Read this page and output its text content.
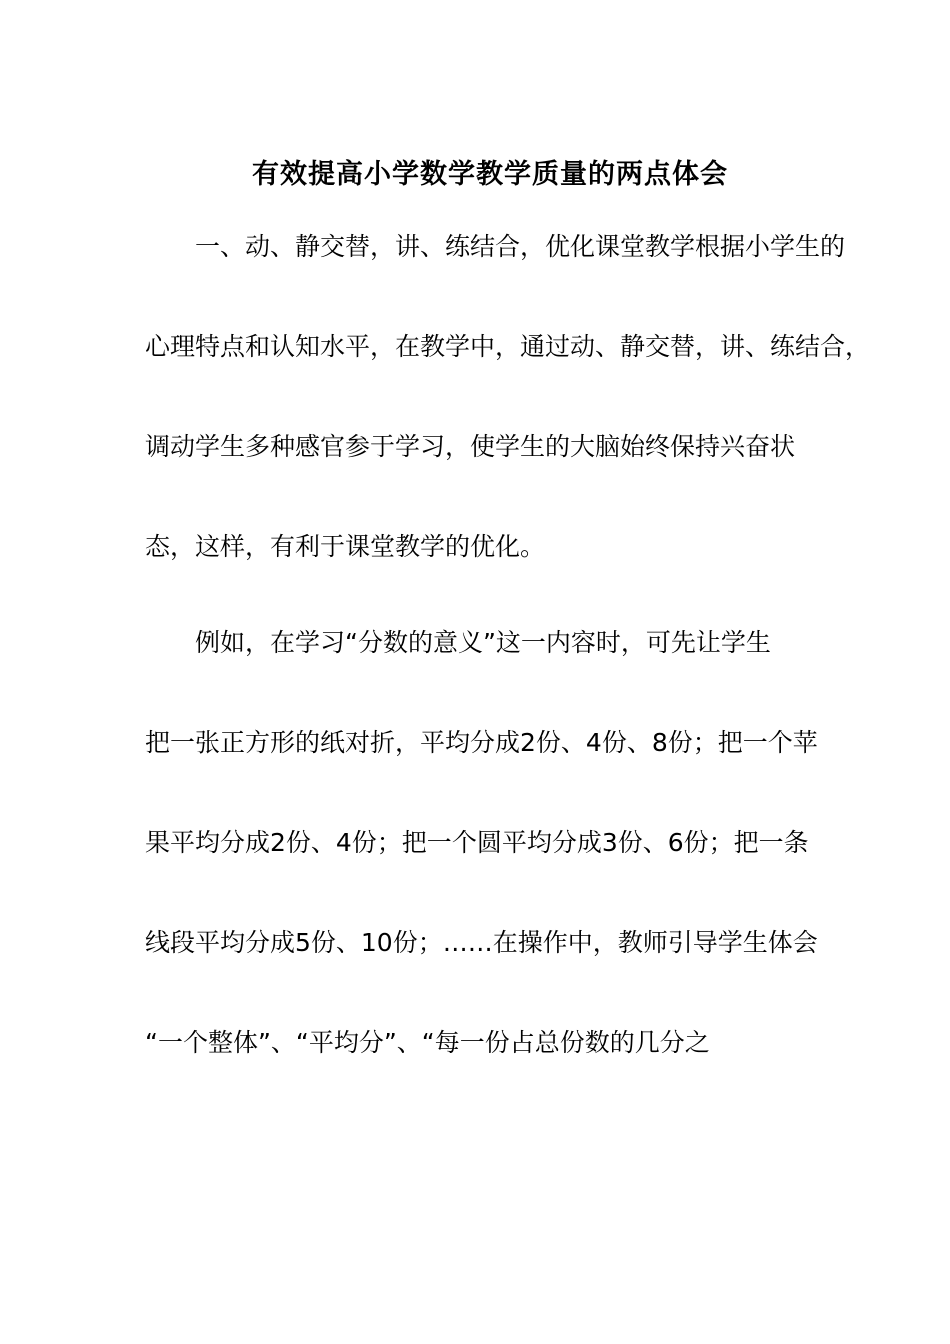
有效提高小学数学教学质量的两点体会
一、动、静交替，讲、练结合，优化课堂教学根据小学生的
心理特点和认知水平，在教学中，通过动、静交替，讲、练结合，
调动学生多种感官参于学习，使学生的大脑始终保持兴奋状
态，这样，有利于课堂教学的优化。
例如，在学习“分数的意义”这一内容时，可先让学生
把一张正方形的纸对折，平均分成2份、4份、8份；把一个苹
果平均分成2份、4份；把一个圆平均分成3份、6份；把一条
线段平均分成5份、10份；……在操作中，教师引导学生体会
“一个整体”、“平均分”、“每一份占总份数的几分之
